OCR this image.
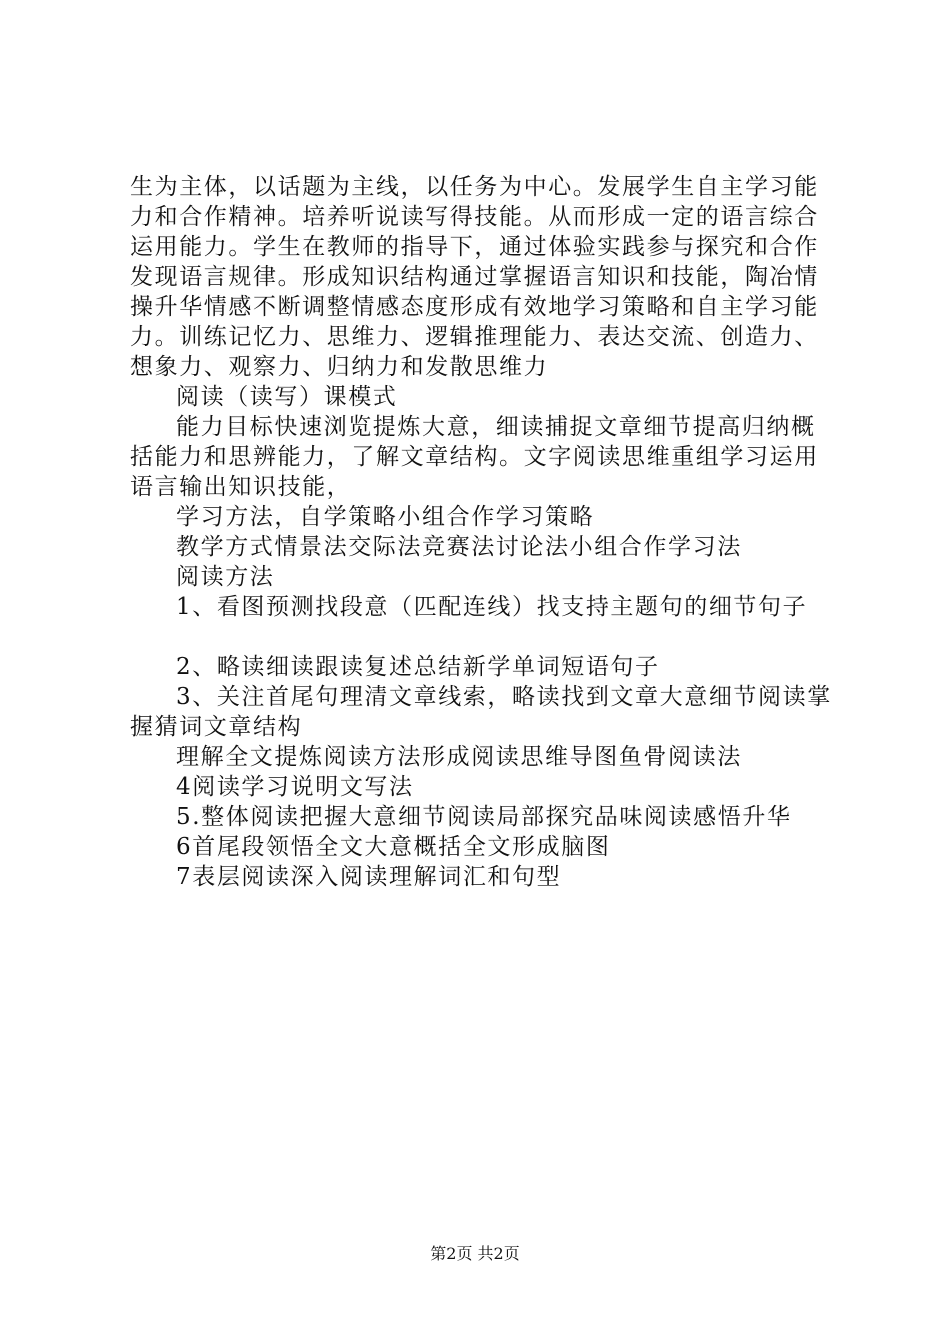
生为主体，以话题为主线，以任务为中心。发展学生自主学习能力和合作精神。培养听说读写得技能。从而形成一定的语言综合运用能力。学生在教师的指导下，通过体验实践参与探究和合作发现语言规律。形成知识结构通过掌握语言知识和技能，陶冶情操升华情感不断调整情感态度形成有效地学习策略和自主学习能力。训练记忆力、思维力、逻辑推理能力、表达交流、创造力、想象力、观察力、归纳力和发散思维力

阅读（读写）课模式

能力目标快速浏览提炼大意，细读捕捉文章细节提高归纳概括能力和思辨能力，了解文章结构。文字阅读思维重组学习运用语言输出知识技能，

学习方法，自学策略小组合作学习策略

教学方式情景法交际法竞赛法讨论法小组合作学习法

阅读方法

1、看图预测找段意（匹配连线）找支持主题句的细节句子

2、略读细读跟读复述总结新学单词短语句子

3、关注首尾句理清文章线索，略读找到文章大意细节阅读掌握猜词文章结构

理解全文提炼阅读方法形成阅读思维导图鱼骨阅读法

4阅读学习说明文写法

5.整体阅读把握大意细节阅读局部探究品味阅读感悟升华

6首尾段领悟全文大意概括全文形成脑图

7表层阅读深入阅读理解词汇和句型

第2页 共2页
